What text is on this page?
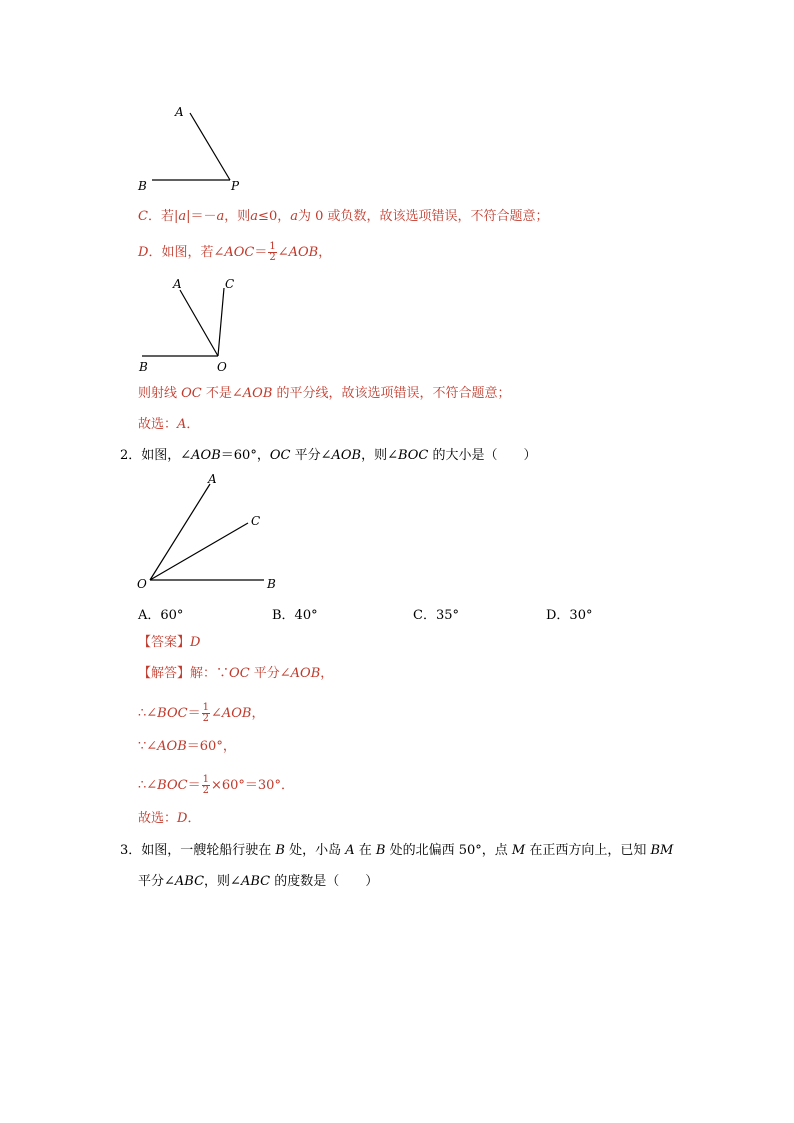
A
B	P
C．若|a|＝－a，则a≤0，a为 0 或负数，故该选项错误，不符合题意；
D．如图，若∠AOC＝ $\frac{1}{2}$ ∠AOB，
A	C
B	O
则射线 OC 不是∠AOB 的平分线，故该选项错误，不符合题意；
故选：A．
2．如图，∠AOB＝60°，OC 平分∠AOB，则∠BOC 的大小是（　　）
A
C
O	B
A．60°	B．40°	C．35°	D．30°
【答案】D
【解答】解：∵OC 平分∠AOB，
∴∠BOC＝ $\frac{1}{2}$ ∠AOB，
∵∠AOB＝60°，
∴∠BOC＝ $\frac{1}{2} \times 60^\circ=30^\circ$．
故选：D．
3．如图，一艘轮船行驶在 B 处，小岛 A 在 B 处的北偏西 50°，点 M 在正西方向上，已知 BM
平分∠ABC，则∠ABC 的度数是（　　）
